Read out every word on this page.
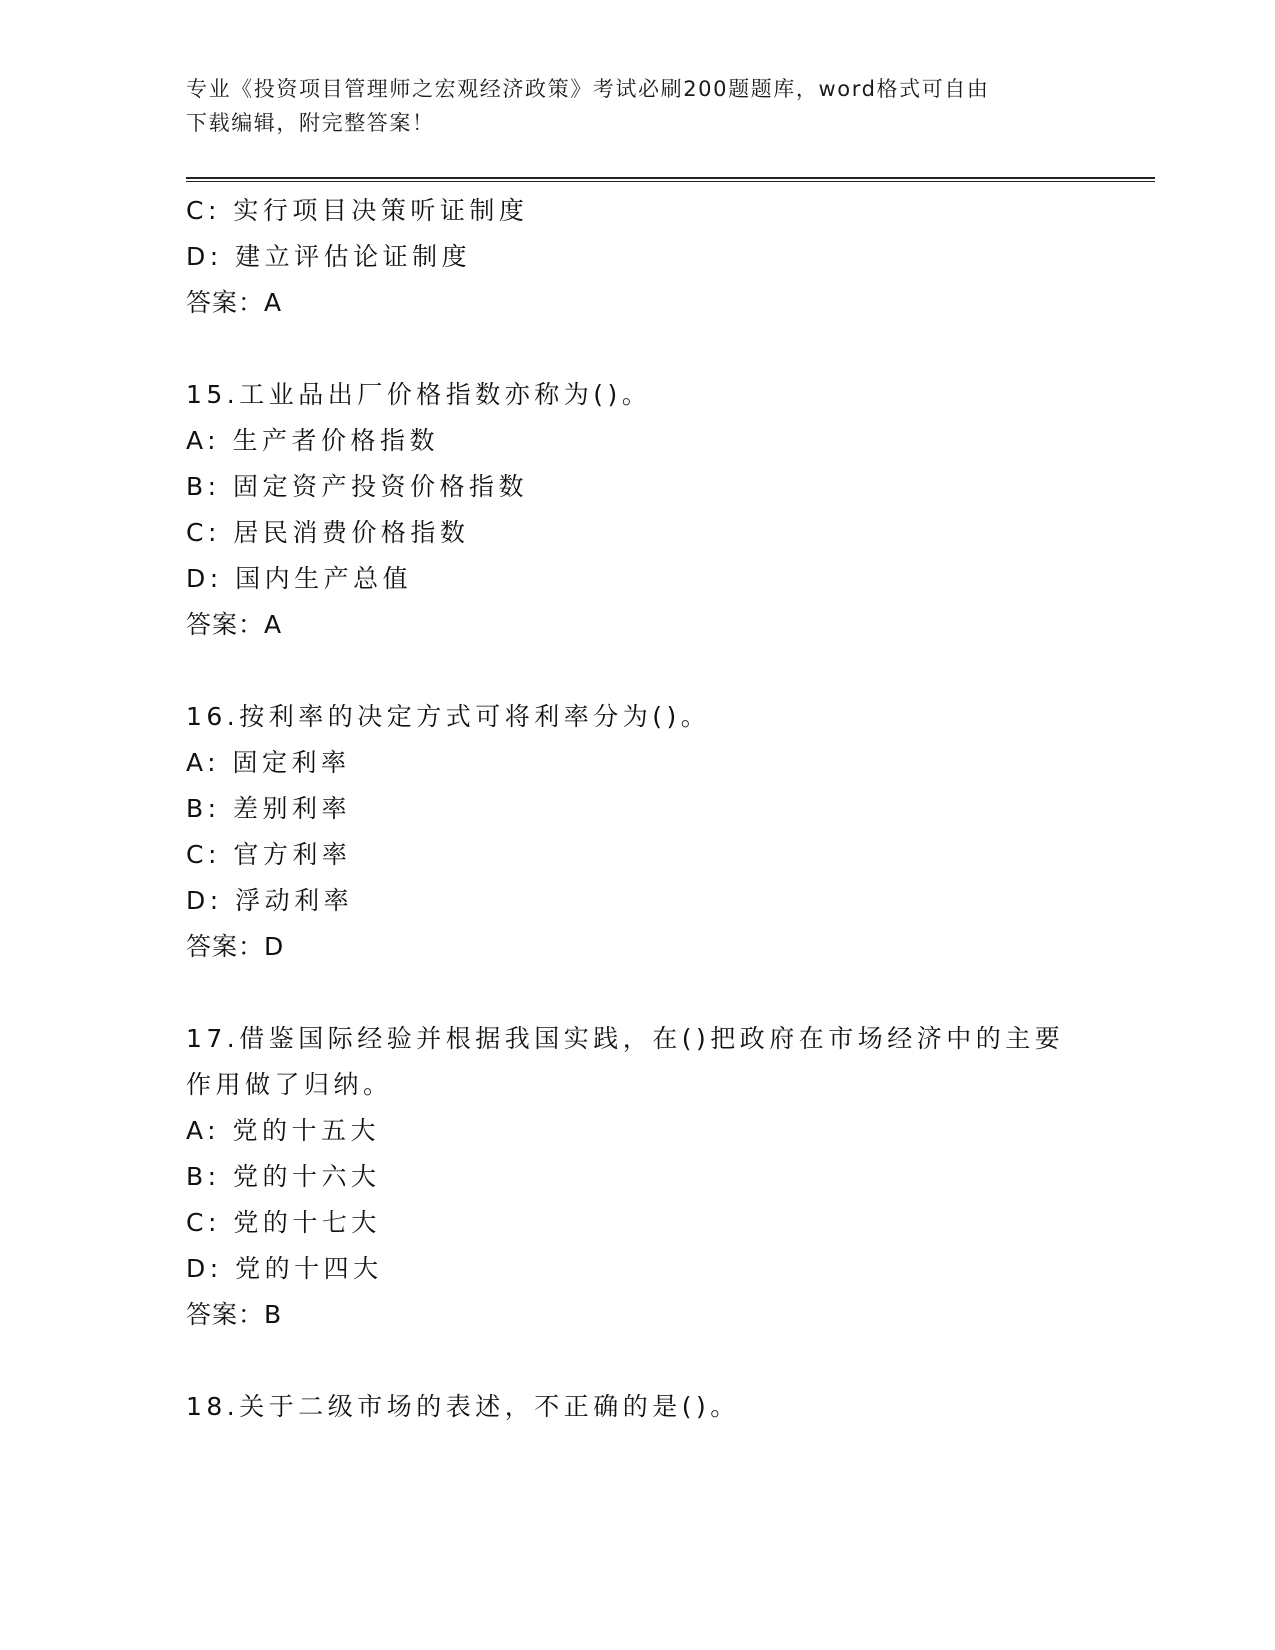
专业《投资项目管理师之宏观经济政策》考试必刷200题题库，word格式可自由
下载编辑，附完整答案！
C: 实行项目决策听证制度
D: 建立评估论证制度
答案：A
15.工业品出厂价格指数亦称为()。
A: 生产者价格指数
B: 固定资产投资价格指数
C: 居民消费价格指数
D: 国内生产总值
答案：A
16.按利率的决定方式可将利率分为()。
A: 固定利率
B: 差别利率
C: 官方利率
D: 浮动利率
答案：D
17.借鉴国际经验并根据我国实践，在()把政府在市场经济中的主要作用做了归纳。
A: 党的十五大
B: 党的十六大
C: 党的十七大
D: 党的十四大
答案：B
18.关于二级市场的表述，不正确的是()。
